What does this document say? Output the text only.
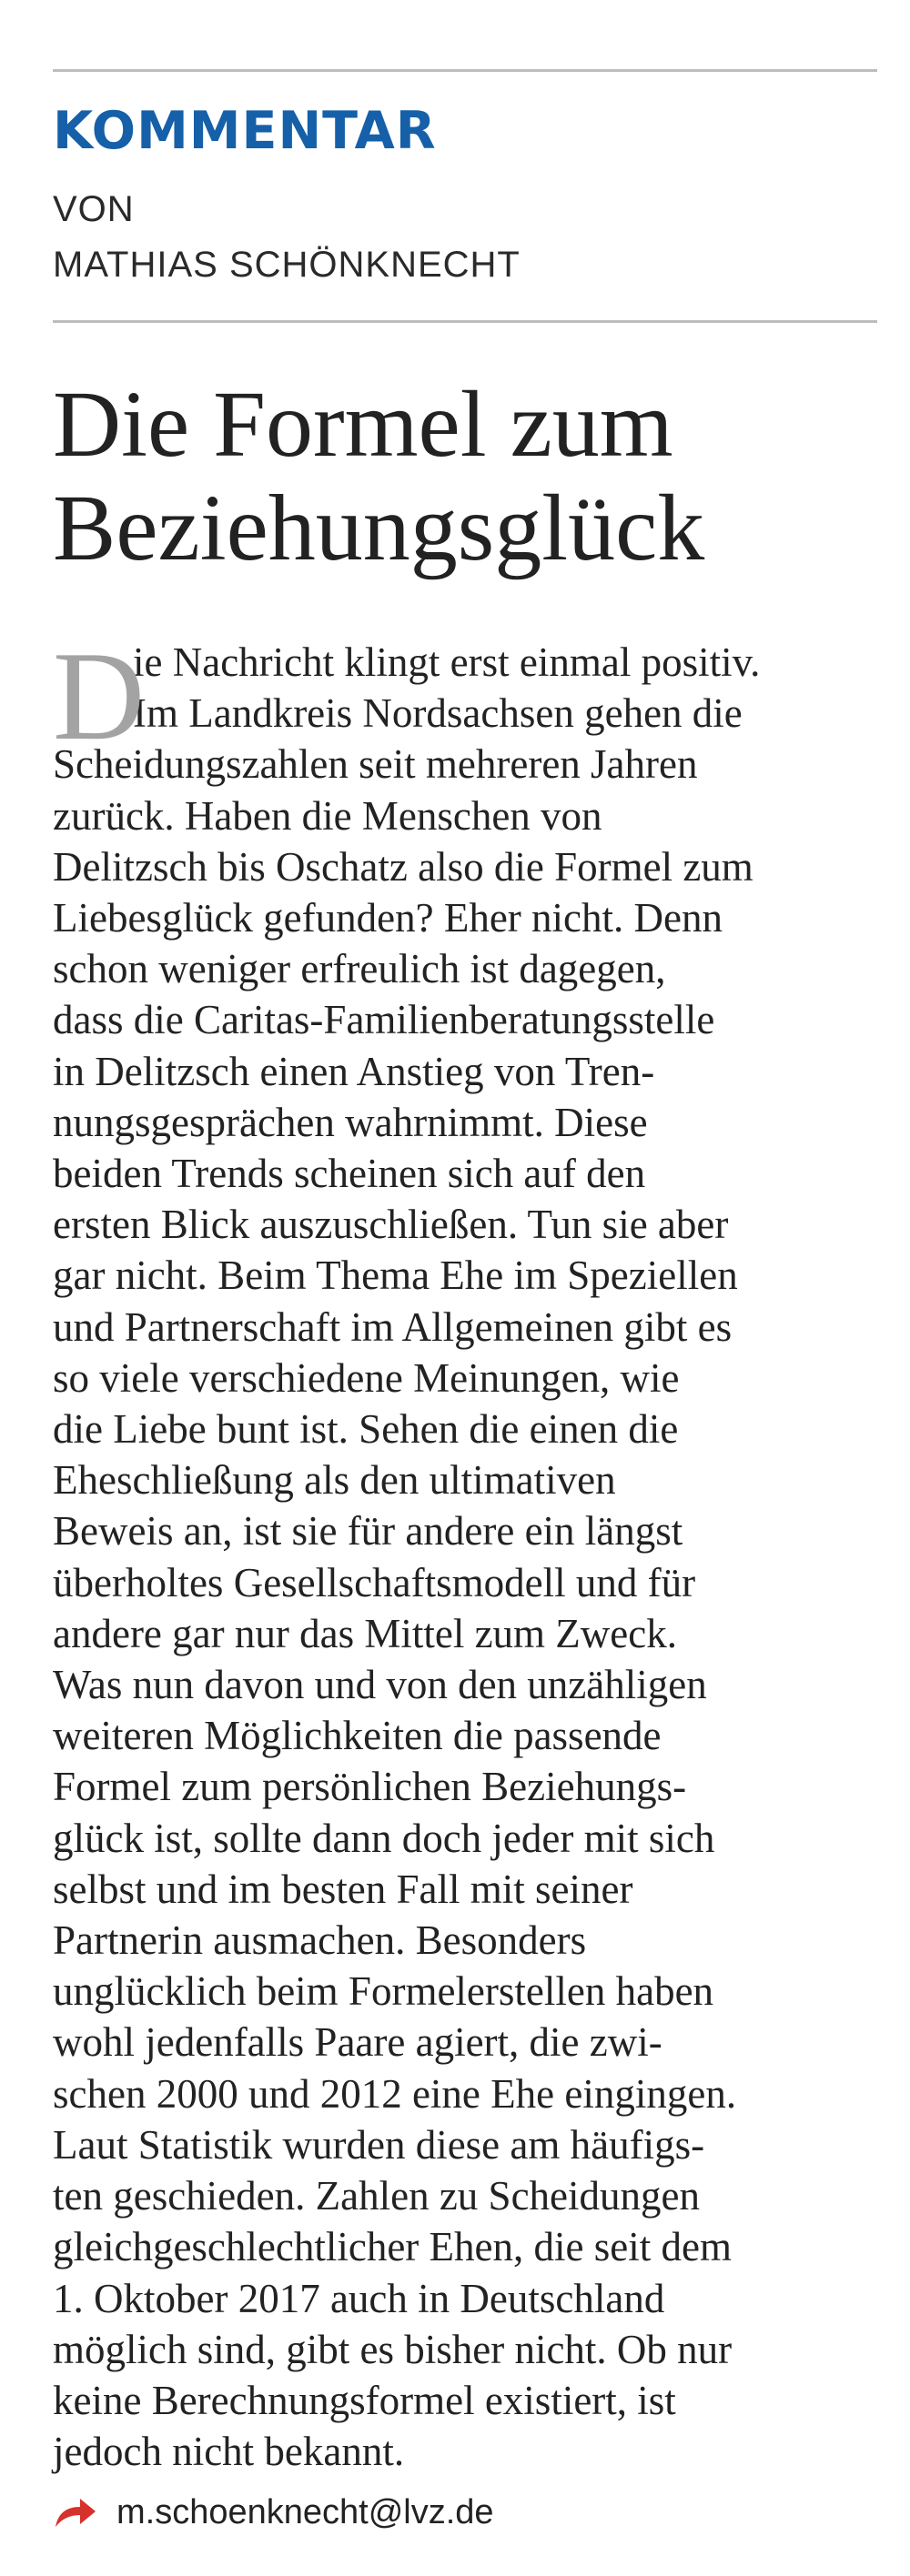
KOMMENTAR

VON

MATHIAS SCHÖNKNECHT

Die Formel zum
Beziehungsglück
D
ie Nachricht klingt erst einmal positiv.
Im Landkreis Nordsachsen gehen die
Scheidungszahlen seit mehreren Jahren
zurück. Haben die Menschen von
Delitzsch bis Oschatz also die Formel zum
Liebesglück gefunden? Eher nicht. Denn
schon weniger erfreulich ist dagegen,
dass die Caritas-Familienberatungsstelle
in Delitzsch einen Anstieg von Tren-
nungsgesprächen wahrnimmt. Diese
beiden Trends scheinen sich auf den
ersten Blick auszuschließen. Tun sie aber
gar nicht. Beim Thema Ehe im Speziellen
und Partnerschaft im Allgemeinen gibt es
so viele verschiedene Meinungen, wie
die Liebe bunt ist. Sehen die einen die
Eheschließung als den ultimativen
Beweis an, ist sie für andere ein längst
überholtes Gesellschaftsmodell und für
andere gar nur das Mittel zum Zweck.
Was nun davon und von den unzähligen
weiteren Möglichkeiten die passende
Formel zum persönlichen Beziehungs-
glück ist, sollte dann doch jeder mit sich
selbst und im besten Fall mit seiner
Partnerin ausmachen. Besonders
unglücklich beim Formelerstellen haben
wohl jedenfalls Paare agiert, die zwi-
schen 2000 und 2012 eine Ehe eingingen.
Laut Statistik wurden diese am häufigs-
ten geschieden. Zahlen zu Scheidungen
gleichgeschlechtlicher Ehen, die seit dem
1. Oktober 2017 auch in Deutschland
möglich sind, gibt es bisher nicht. Ob nur
keine Berechnungsformel existiert, ist
jedoch nicht bekannt.
m.schoenknecht@lvz.de
